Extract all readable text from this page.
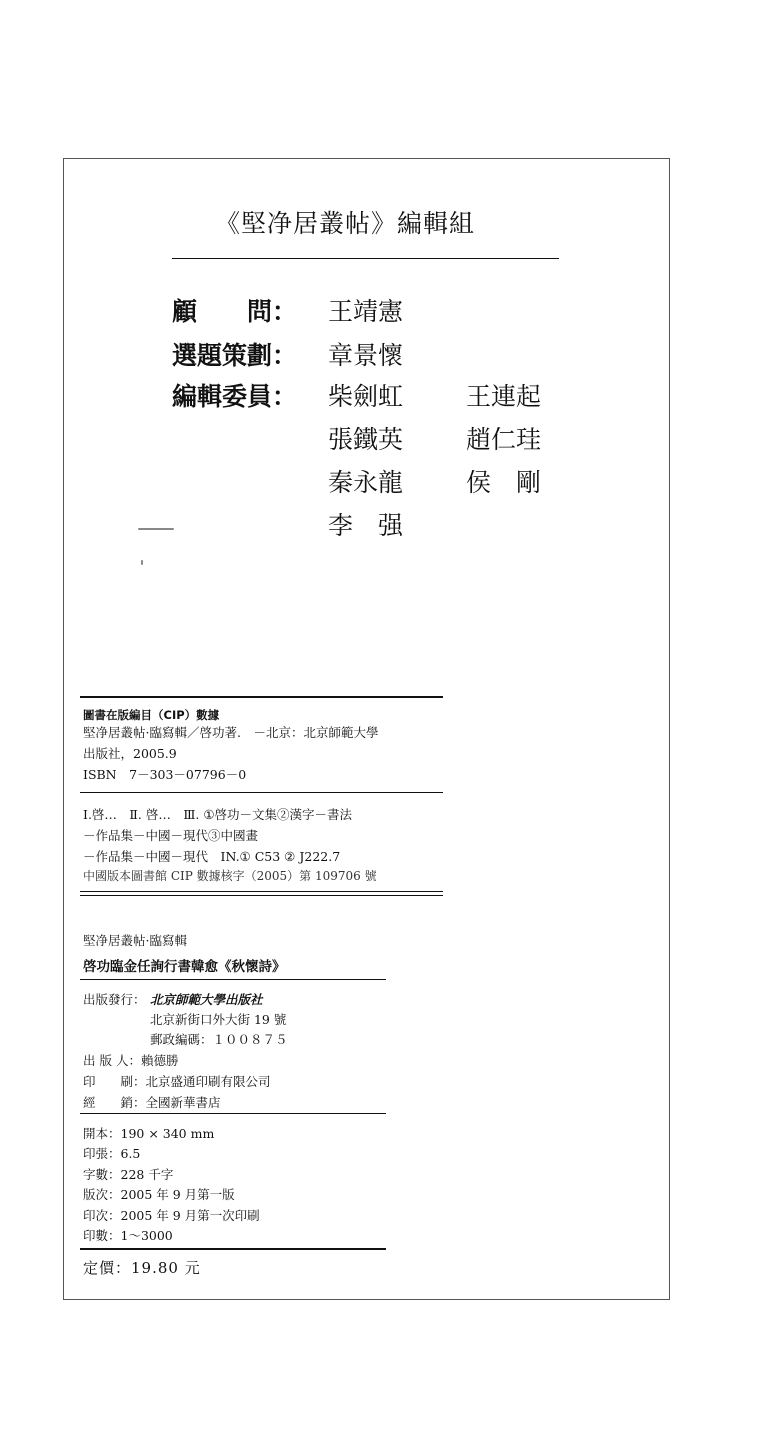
《堅净居叢帖》編輯組
顧　　問： 王靖憲
選題策劃： 章景懷
編輯委員： 柴劍虹	王連起
張鐵英	趙仁珪
秦永龍	侯　剛
李　强
圖書在版編目（CIP）數據
堅净居叢帖·臨寫輯／啓功著.　－北京：北京師範大學
出版社，2005.9
ISBN　7－303－07796－0
Ⅰ.啓…　Ⅱ. 啓…　Ⅲ. ①啓功－文集②漢字－書法
－作品集－中國－現代③中國畫
－作品集－中國－現代　IN.① C53 ② J222.7
中國版本圖書館 CIP 數據核字（2005）第 109706 號
堅净居叢帖·臨寫輯
啓功臨金任詢行書韓愈《秋懷詩》
出版發行： 北京師範大學出版社
北京新街口外大街 19 號
郵政編碼：１００８７５
出 版 人：賴德勝
印　　刷：北京盛通印刷有限公司
經　　銷：全國新華書店
開本：190 × 340 mm
印張：6.5
字數：228 千字
版次：2005 年 9 月第一版
印次：2005 年 9 月第一次印刷
印數：1～3000
定價：19.80 元
